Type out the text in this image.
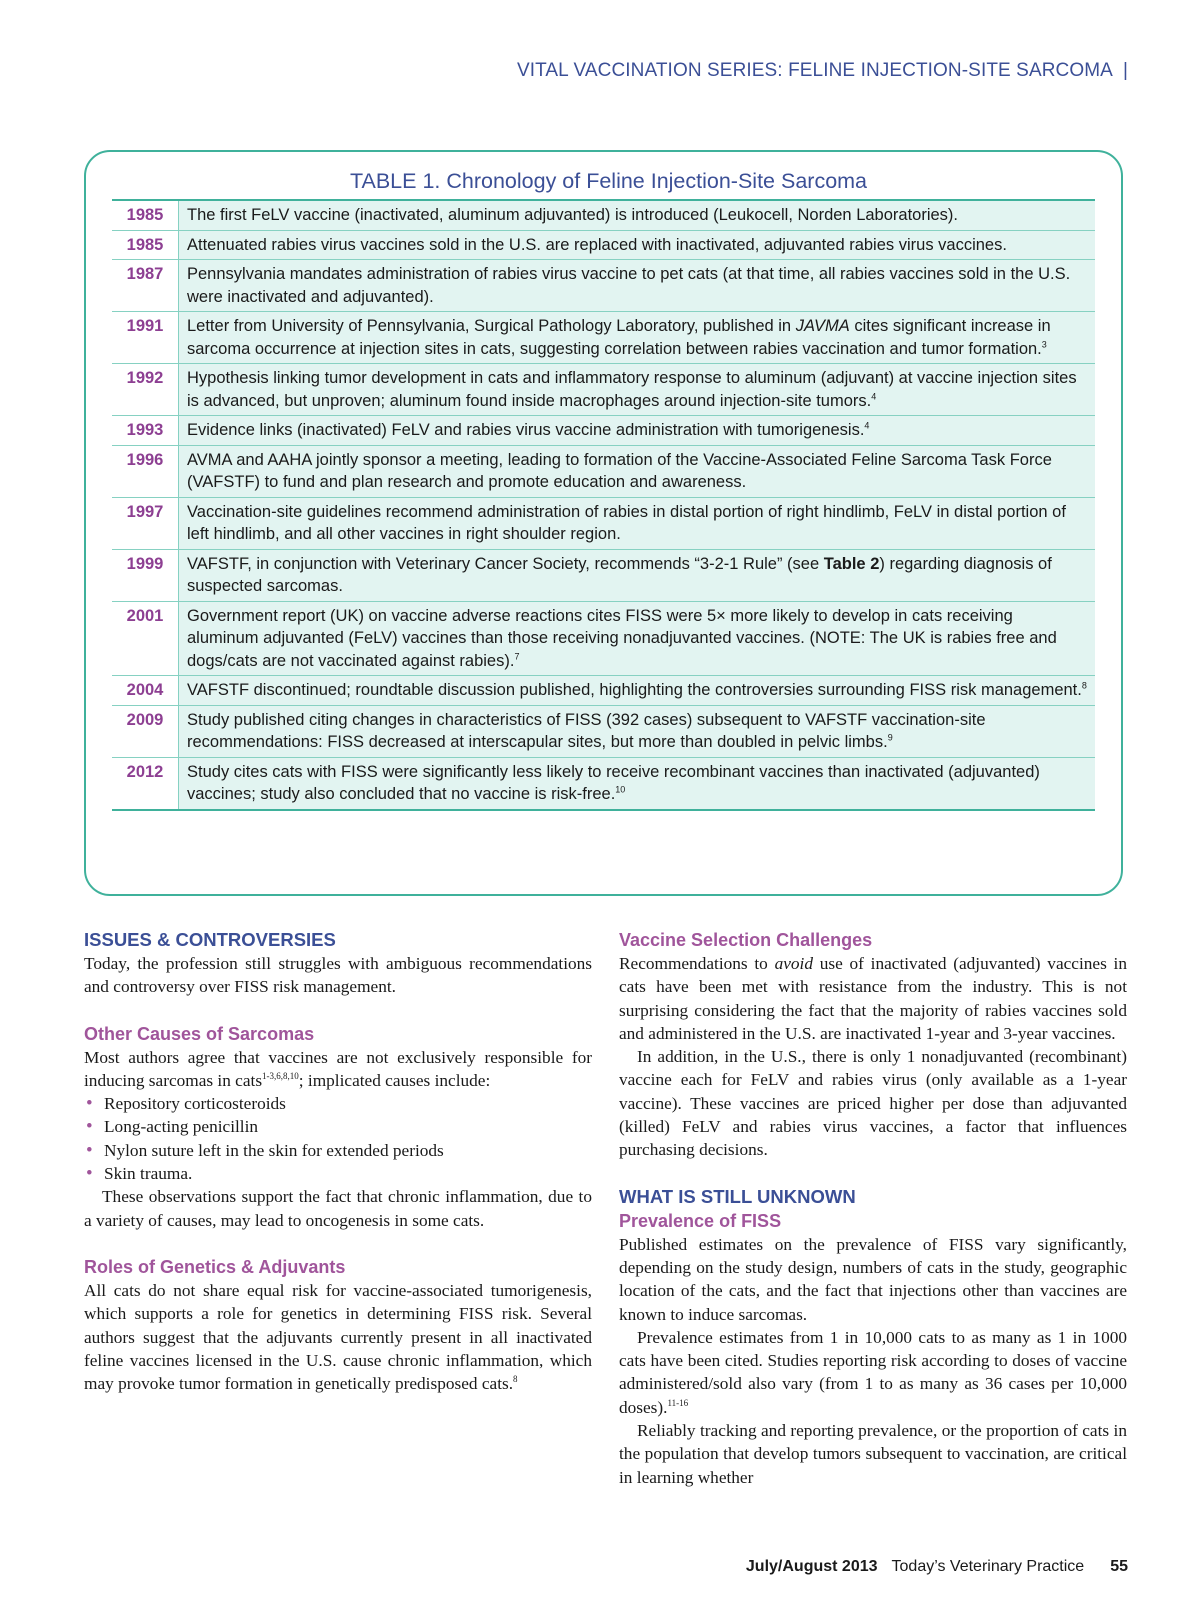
VITAL VACCINATION SERIES: FELINE INJECTION-SITE SARCOMA |
TABLE 1. Chronology of Feline Injection-Site Sarcoma
1985	The first FeLV vaccine (inactivated, aluminum adjuvanted) is introduced (Leukocell, Norden Laboratories).
1985	Attenuated rabies virus vaccines sold in the U.S. are replaced with inactivated, adjuvanted rabies virus vaccines.
1987	Pennsylvania mandates administration of rabies virus vaccine to pet cats (at that time, all rabies vaccines sold in the U.S. were inactivated and adjuvanted).
1991	Letter from University of Pennsylvania, Surgical Pathology Laboratory, published in JAVMA cites significant increase in sarcoma occurrence at injection sites in cats, suggesting correlation between rabies vaccination and tumor formation.$^3$
1992	Hypothesis linking tumor development in cats and inflammatory response to aluminum (adjuvant) at vaccine injection sites is advanced, but unproven; aluminum found inside macrophages around injection-site tumors.$^4$
1993	Evidence links (inactivated) FeLV and rabies virus vaccine administration with tumorigenesis.$^4$
1996	AVMA and AAHA jointly sponsor a meeting, leading to formation of the Vaccine-Associated Feline Sarcoma Task Force (VAFSTF) to fund and plan research and promote education and awareness.
1997	Vaccination-site guidelines recommend administration of rabies in distal portion of right hindlimb, FeLV in distal portion of left hindlimb, and all other vaccines in right shoulder region.
1999	VAFSTF, in conjunction with Veterinary Cancer Society, recommends “3-2-1 Rule” (see Table 2) regarding diagnosis of suspected sarcomas.
2001	Government report (UK) on vaccine adverse reactions cites FISS were 5× more likely to develop in cats receiving aluminum adjuvanted (FeLV) vaccines than those receiving nonadjuvanted vaccines. (NOTE: The UK is rabies free and dogs/cats are not vaccinated against rabies).$^7$
2004	VAFSTF discontinued; roundtable discussion published, highlighting the controversies surrounding FISS risk management.$^8$
2009	Study published citing changes in characteristics of FISS (392 cases) subsequent to VAFSTF vaccination-site recommendations: FISS decreased at interscapular sites, but more than doubled in pelvic limbs.$^9$
2012	Study cites cats with FISS were significantly less likely to receive recombinant vaccines than inactivated (adjuvanted) vaccines; study also concluded that no vaccine is risk-free.$^{10}$
ISSUES & CONTROVERSIES

Today, the profession still struggles with ambiguous recommendations and controversy over FISS risk management.

Other Causes of Sarcomas

Most authors agree that vaccines are not exclusively responsible for inducing sarcomas in cats$^{1-3,6,8,10}$; implicated causes include:

• Repository corticosteroids
• Long-acting penicillin
• Nylon suture left in the skin for extended periods
• Skin trauma.

These observations support the fact that chronic inflammation, due to a variety of causes, may lead to oncogenesis in some cats.

Roles of Genetics & Adjuvants

All cats do not share equal risk for vaccine-associated tumorigenesis, which supports a role for genetics in determining FISS risk. Several authors suggest that the adjuvants currently present in all inactivated feline vaccines licensed in the U.S. cause chronic inflammation, which may provoke tumor formation in genetically predisposed cats.$^8$

Vaccine Selection Challenges

Recommendations to avoid use of inactivated (adjuvanted) vaccines in cats have been met with resistance from the industry. This is not surprising considering the fact that the majority of rabies vaccines sold and administered in the U.S. are inactivated 1-year and 3-year vaccines.

In addition, in the U.S., there is only 1 nonadjuvanted (recombinant) vaccine each for FeLV and rabies virus (only available as a 1-year vaccine). These vaccines are priced higher per dose than adjuvanted (killed) FeLV and rabies virus vaccines, a factor that influences purchasing decisions.

WHAT IS STILL UNKNOWN
Prevalence of FISS

Published estimates on the prevalence of FISS vary significantly, depending on the study design, numbers of cats in the study, geographic location of the cats, and the fact that injections other than vaccines are known to induce sarcomas.

Prevalence estimates from 1 in 10,000 cats to as many as 1 in 1000 cats have been cited. Studies reporting risk according to doses of vaccine administered/sold also vary (from 1 to as many as 36 cases per 10,000 doses).$^{11-16}$

Reliably tracking and reporting prevalence, or the proportion of cats in the population that develop tumors subsequent to vaccination, are critical in learning whether

July/August 2013 Today’s Veterinary Practice 55
